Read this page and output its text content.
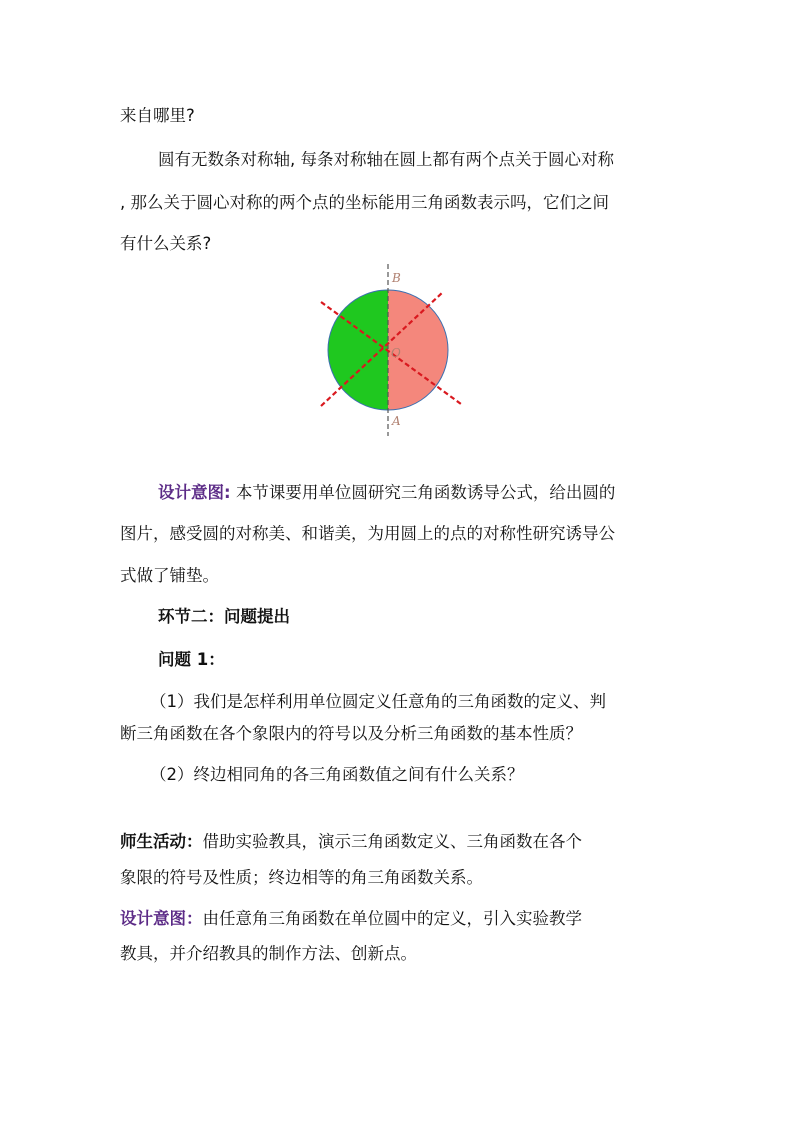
来自哪里?
圆有无数条对称轴, 每条对称轴在圆上都有两个点关于圆心对称
, 那么关于圆心对称的两个点的坐标能用三角函数表示吗，它们之间
有什么关系?
B
O
A
设计意图: 本节课要用单位圆研究三角函数诱导公式，给出圆的
图片，感受圆的对称美、和谐美，为用圆上的点的对称性研究诱导公
式做了铺垫。
环节二：问题提出
问题 1：
（1）我们是怎样利用单位圆定义任意角的三角函数的定义、判
断三角函数在各个象限内的符号以及分析三角函数的基本性质？
（2）终边相同角的各三角函数值之间有什么关系？
师生活动：借助实验教具，演示三角函数定义、三角函数在各个
象限的符号及性质；终边相等的角三角函数关系。
设计意图：由任意角三角函数在单位圆中的定义，引入实验教学
教具，并介绍教具的制作方法、创新点。
